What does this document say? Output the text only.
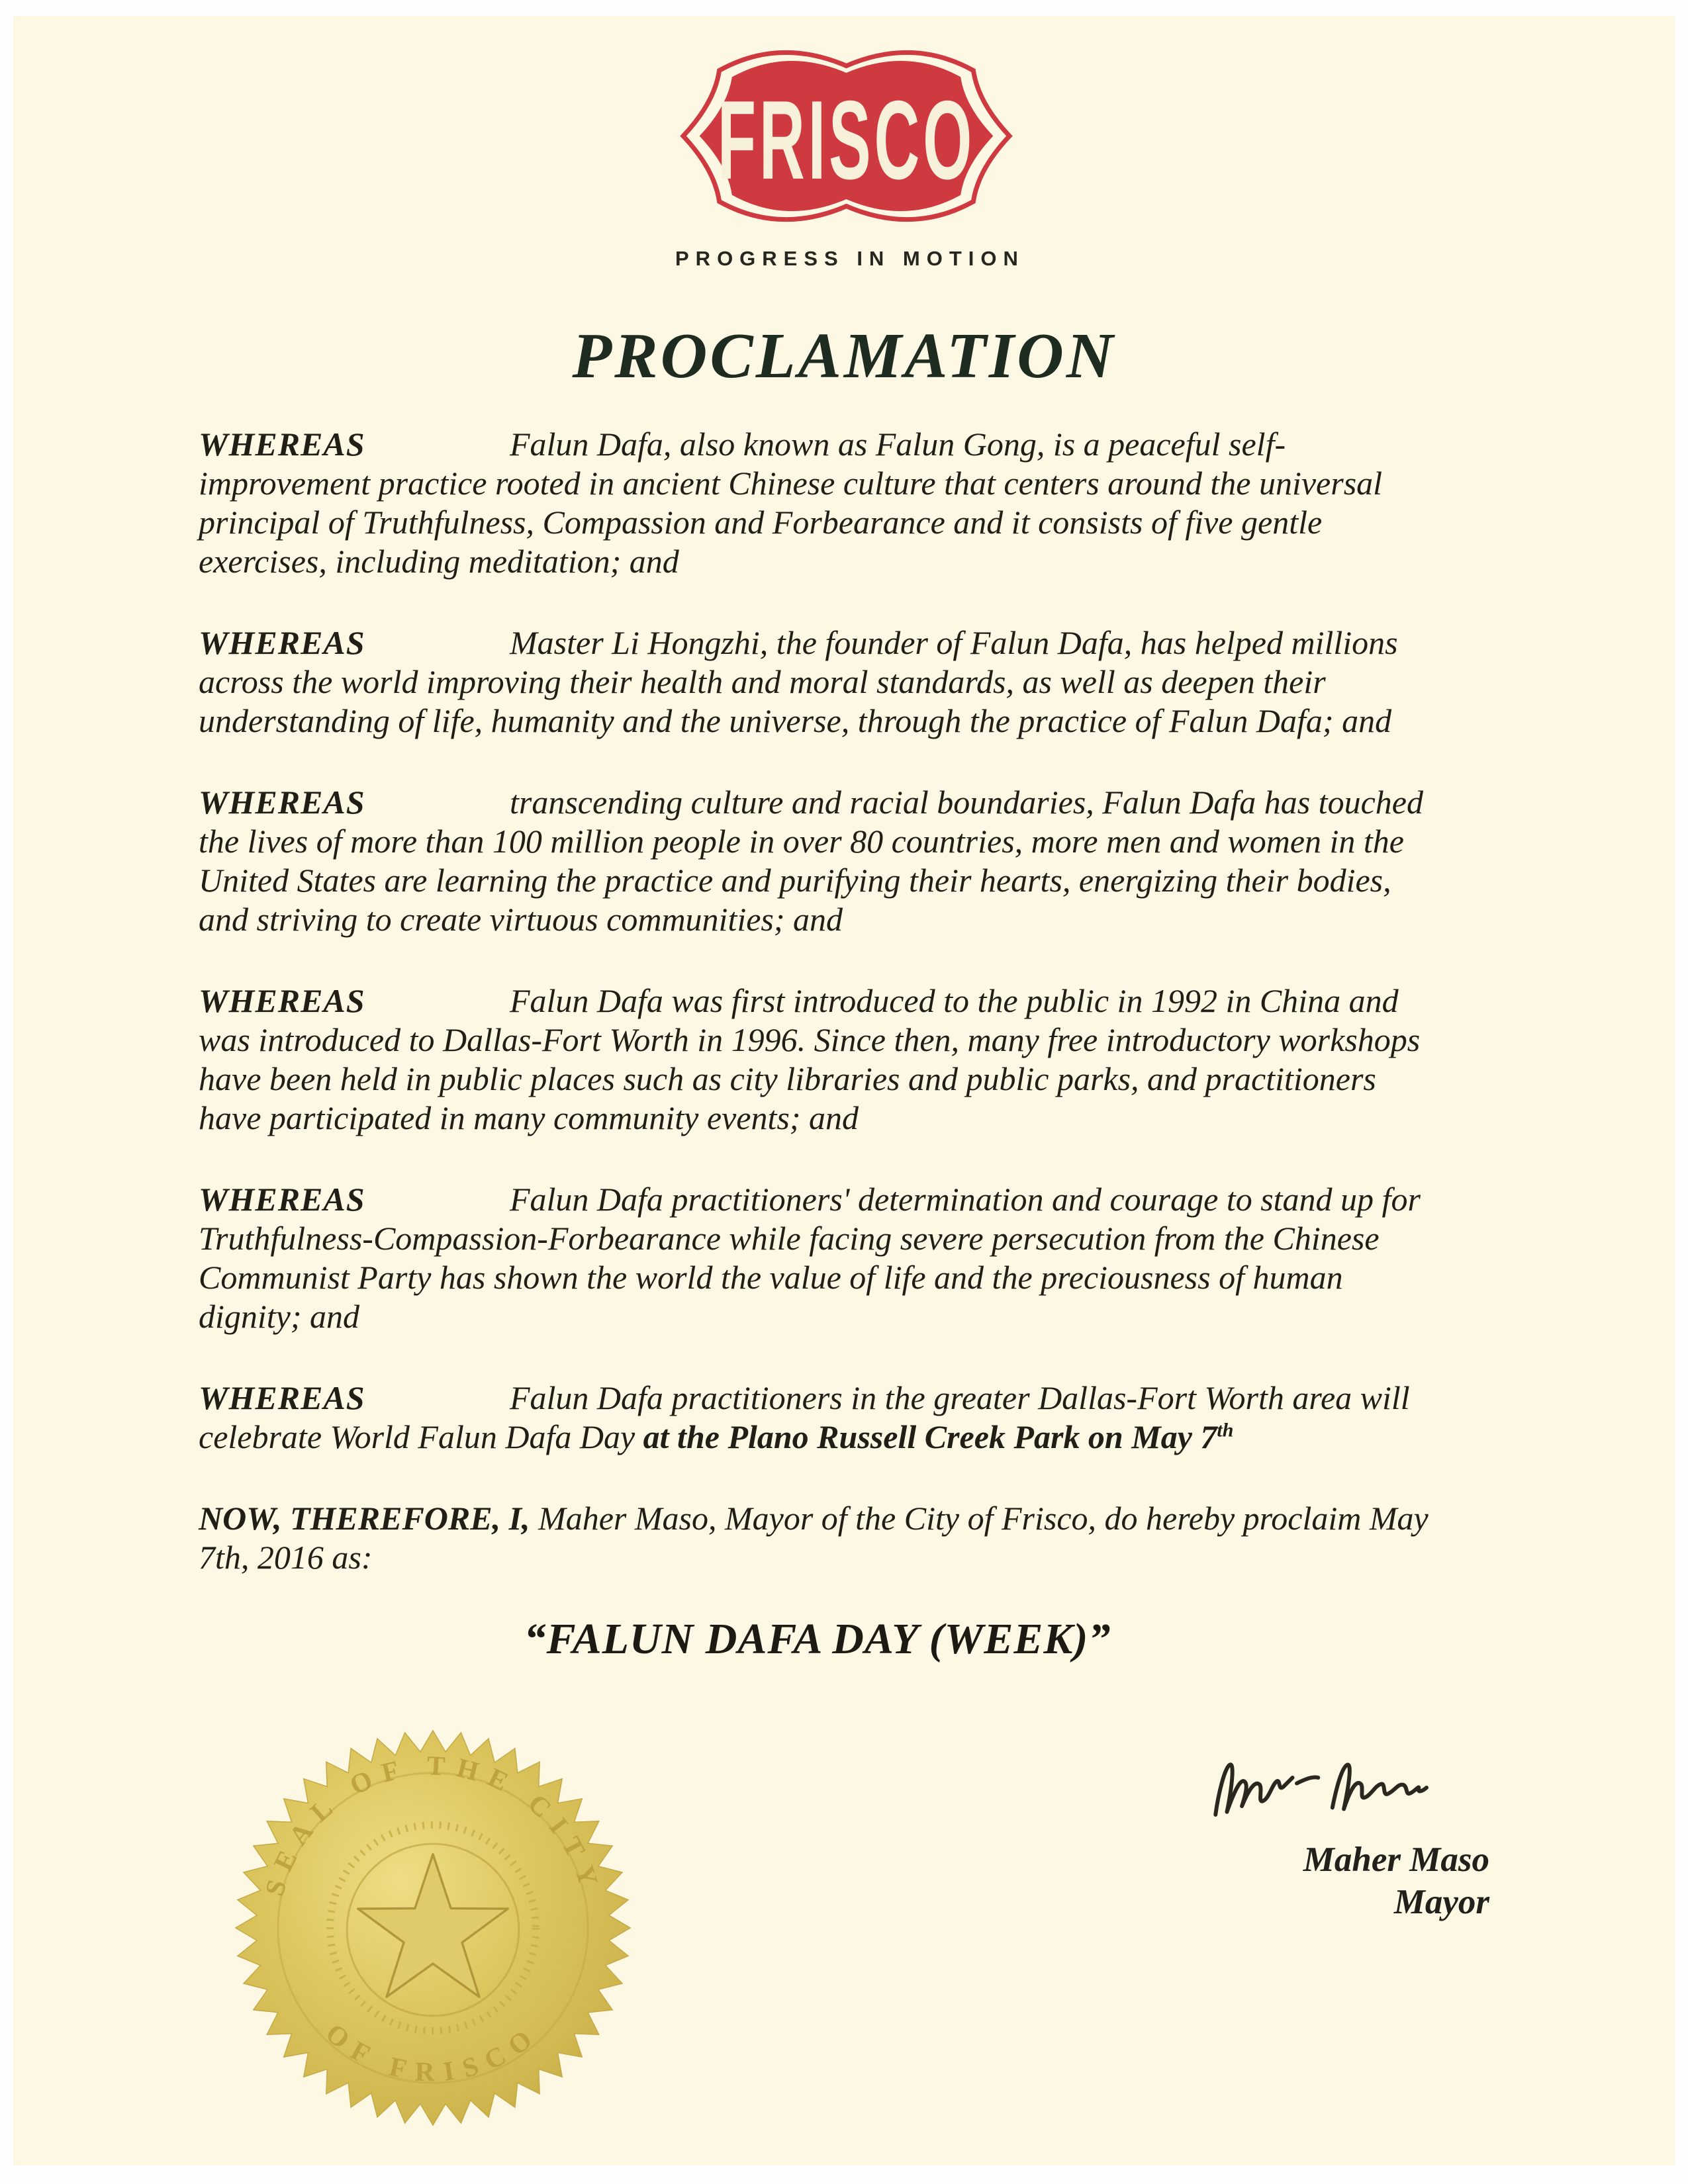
FRISCO
PROGRESS IN MOTION
PROCLAMATION

WHEREAS	Falun Dafa, also known as Falun Gong, is a peaceful self-improvement practice rooted in ancient Chinese culture that centers around the universal principal of Truthfulness, Compassion and Forbearance and it consists of five gentle exercises, including meditation; and

WHEREAS	Master Li Hongzhi, the founder of Falun Dafa, has helped millions across the world improving their health and moral standards, as well as deepen their understanding of life, humanity and the universe, through the practice of Falun Dafa; and

WHEREAS	transcending culture and racial boundaries, Falun Dafa has touched the lives of more than 100 million people in over 80 countries, more men and women in the United States are learning the practice and purifying their hearts, energizing their bodies, and striving to create virtuous communities; and

WHEREAS	Falun Dafa was first introduced to the public in 1992 in China and was introduced to Dallas-Fort Worth in 1996. Since then, many free introductory workshops have been held in public places such as city libraries and public parks, and practitioners have participated in many community events; and

WHEREAS	Falun Dafa practitioners' determination and courage to stand up for Truthfulness-Compassion-Forbearance while facing severe persecution from the Chinese Communist Party has shown the world the value of life and the preciousness of human dignity; and

WHEREAS	Falun Dafa practitioners in the greater Dallas-Fort Worth area will celebrate World Falun Dafa Day at the Plano Russell Creek Park on May 7th

NOW, THEREFORE, I, Maher Maso, Mayor of the City of Frisco, do hereby proclaim May 7th, 2016 as:

“FALUN DAFA DAY (WEEK)”
SEAL OF THE CITY
OF FRISCO
Maher Maso
Mayor
